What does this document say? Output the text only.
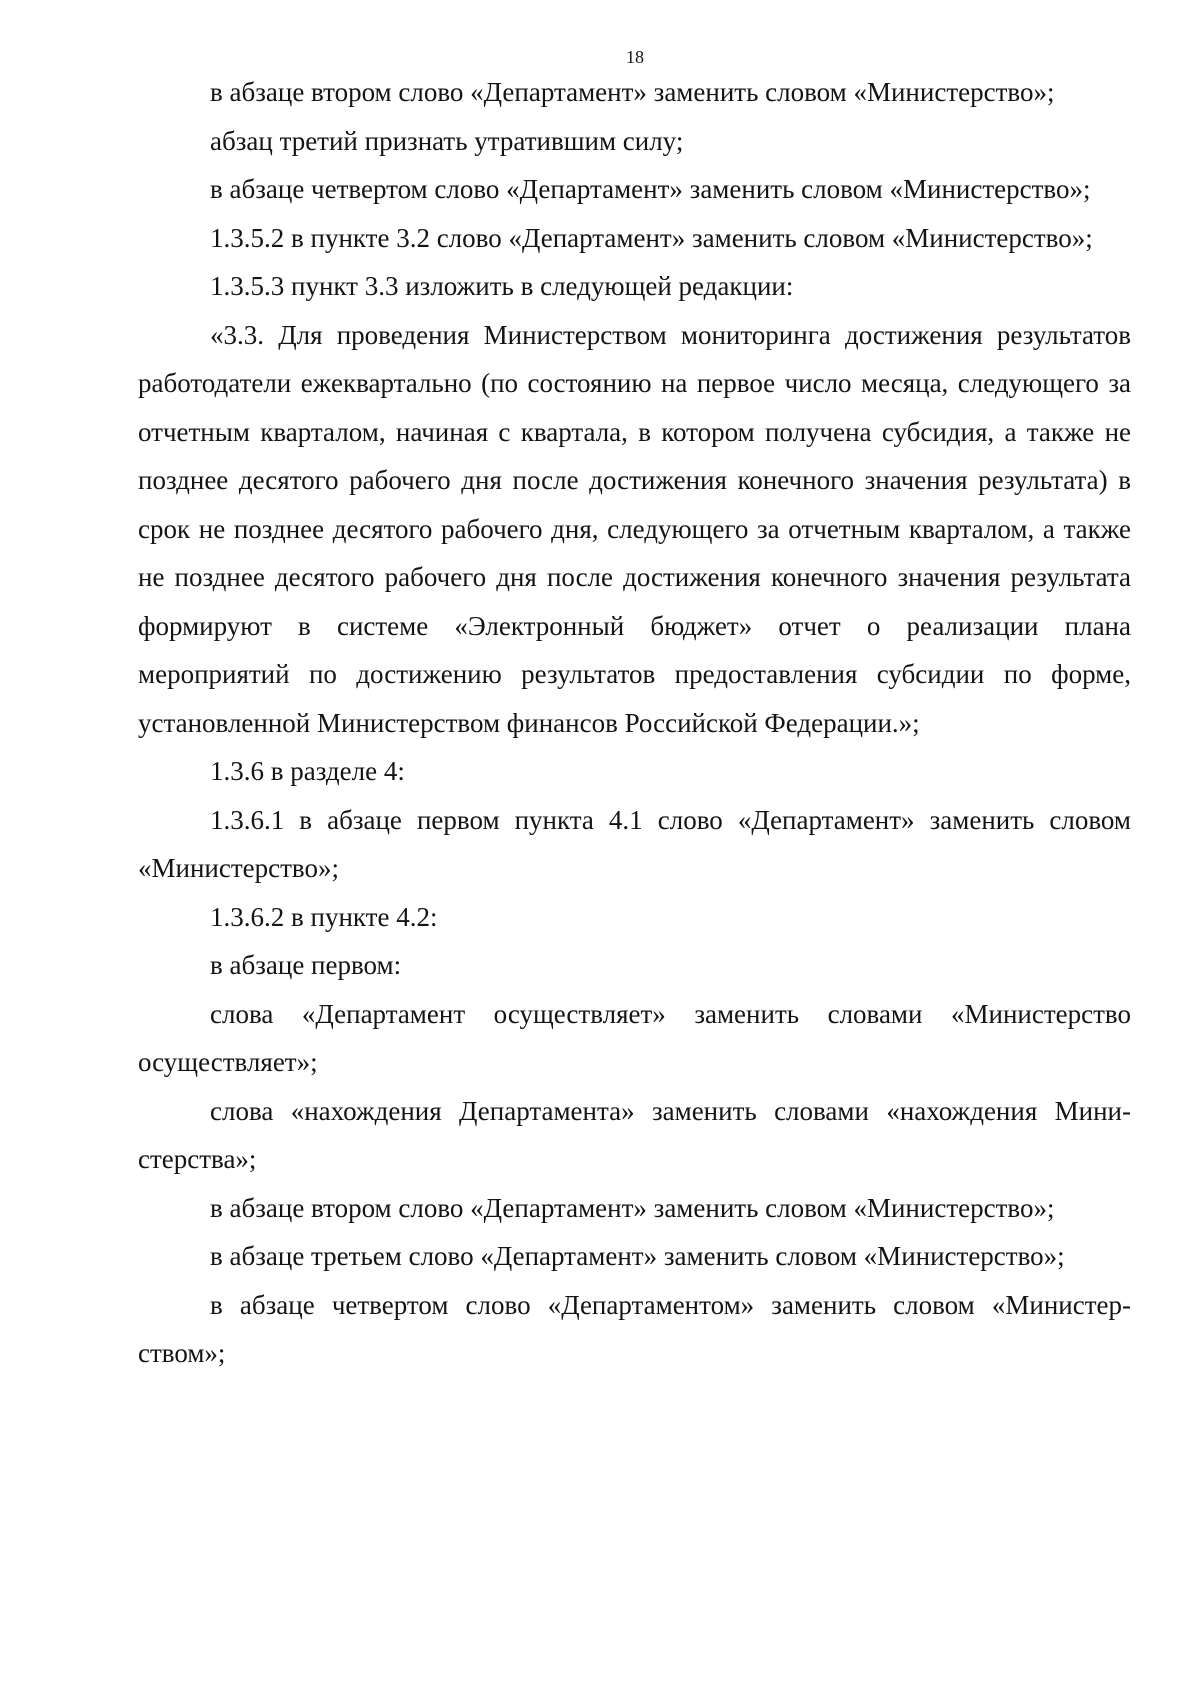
18

в абзаце втором слово «Департамент» заменить словом «Министерство»;

абзац третий признать утратившим силу;

в абзаце четвертом слово «Департамент» заменить словом «Министерство»;

1.3.5.2 в пункте 3.2 слово «Департамент» заменить словом «Министерство»;

1.3.5.3 пункт 3.3 изложить в следующей редакции:

«3.3. Для проведения Министерством мониторинга достижения результатов работодатели ежеквартально (по состоянию на первое число месяца, следующего за отчетным кварталом, начиная с квартала, в котором получена субсидия, а также не позднее десятого рабочего дня после достижения конечного значения результата) в срок не позднее десятого рабочего дня, следующего за отчетным кварталом, а также не позднее десятого рабочего дня после достижения конечного значения результата формируют в системе «Электронный бюджет» отчет о реализации плана мероприятий по достижению результатов предоставления субсидии по форме, установленной Министерством финансов Российской Федерации.»;

1.3.6 в разделе 4:

1.3.6.1 в абзаце первом пункта 4.1 слово «Департамент» заменить словом «Министерство»;

1.3.6.2 в пункте 4.2:

в абзаце первом:

слова «Департамент осуществляет» заменить словами «Министерство осуществляет»;

слова «нахождения Департамента» заменить словами «нахождения Министерства»;

в абзаце втором слово «Департамент» заменить словом «Министерство»;

в абзаце третьем слово «Департамент» заменить словом «Министерство»;

в абзаце четвертом слово «Департаментом» заменить словом «Министерством»;
